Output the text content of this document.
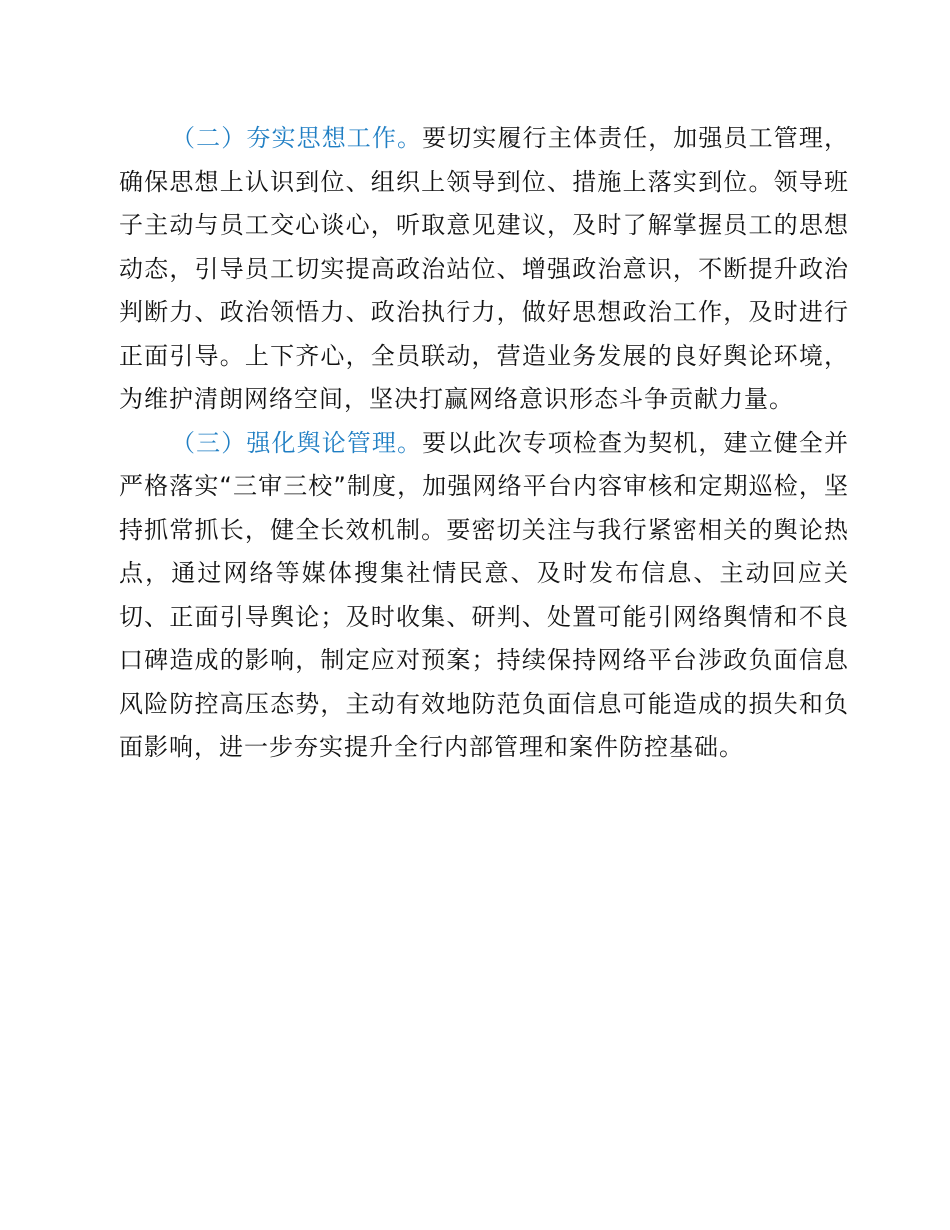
（二）夯实思想工作。要切实履行主体责任，加强员工管理，确保思想上认识到位、组织上领导到位、措施上落实到位。领导班子主动与员工交心谈心，听取意见建议，及时了解掌握员工的思想动态，引导员工切实提高政治站位、增强政治意识，不断提升政治判断力、政治领悟力、政治执行力，做好思想政治工作，及时进行正面引导。上下齐心，全员联动，营造业务发展的良好舆论环境，为维护清朗网络空间，坚决打赢网络意识形态斗争贡献力量。

（三）强化舆论管理。要以此次专项检查为契机，建立健全并严格落实“三审三校”制度，加强网络平台内容审核和定期巡检，坚持抓常抓长，健全长效机制。要密切关注与我行紧密相关的舆论热点，通过网络等媒体搜集社情民意、及时发布信息、主动回应关切、正面引导舆论；及时收集、研判、处置可能引网络舆情和不良口碑造成的影响，制定应对预案；持续保持网络平台涉政负面信息风险防控高压态势，主动有效地防范负面信息可能造成的损失和负面影响，进一步夯实提升全行内部管理和案件防控基础。
